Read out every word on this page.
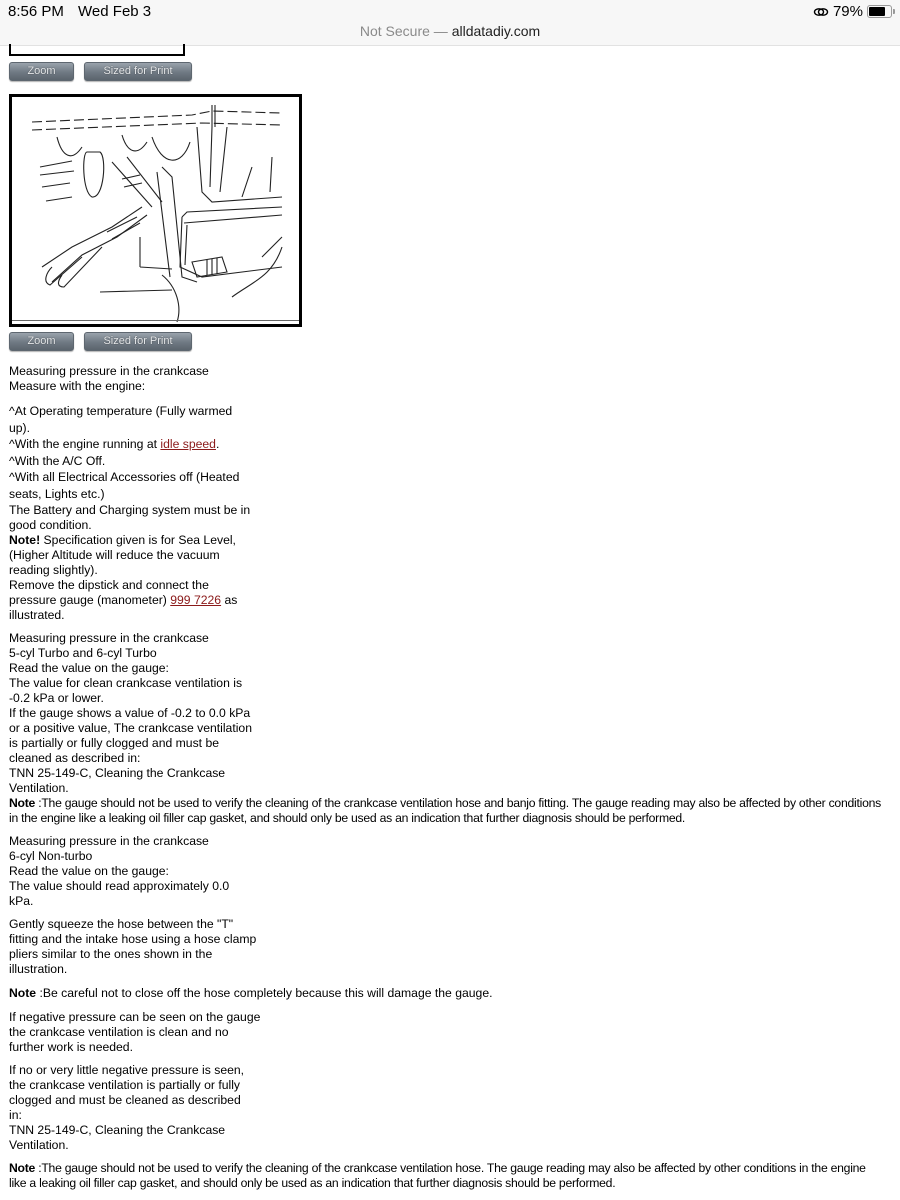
8:56 PM Wed Feb 3	79%
Not Secure — alldatadiy.com
Zoom	Sized for Print
Zoom	Sized for Print
Measuring pressure in the crankcase
Measure with the engine:
^At Operating temperature (Fully warmed up).
^With the engine running at idle speed.
^With the A/C Off.
^With all Electrical Accessories off (Heated seats, Lights etc.)
The Battery and Charging system must be in good condition.
Note! Specification given is for Sea Level, (Higher Altitude will reduce the vacuum reading slightly).
Remove the dipstick and connect the pressure gauge (manometer) 999 7226 as illustrated.
Measuring pressure in the crankcase
5-cyl Turbo and 6-cyl Turbo
Read the value on the gauge:
The value for clean crankcase ventilation is -0.2 kPa or lower.
If the gauge shows a value of -0.2 to 0.0 kPa or a positive value, The crankcase ventilation is partially or fully clogged and must be cleaned as described in:
TNN 25-149-C, Cleaning the Crankcase Ventilation.
Note :The gauge should not be used to verify the cleaning of the crankcase ventilation hose and banjo fitting. The gauge reading may also be affected by other conditions in the engine like a leaking oil filler cap gasket, and should only be used as an indication that further diagnosis should be performed.
Measuring pressure in the crankcase
6-cyl Non-turbo
Read the value on the gauge:
The value should read approximately 0.0 kPa.
Gently squeeze the hose between the "T" fitting and the intake hose using a hose clamp pliers similar to the ones shown in the illustration.
Note :Be careful not to close off the hose completely because this will damage the gauge.
If negative pressure can be seen on the gauge the crankcase ventilation is clean and no further work is needed.
If no or very little negative pressure is seen, the crankcase ventilation is partially or fully clogged and must be cleaned as described in:
TNN 25-149-C, Cleaning the Crankcase Ventilation.
Note :The gauge should not be used to verify the cleaning of the crankcase ventilation hose. The gauge reading may also be affected by other conditions in the engine like a leaking oil filler cap gasket, and should only be used as an indication that further diagnosis should be performed.
